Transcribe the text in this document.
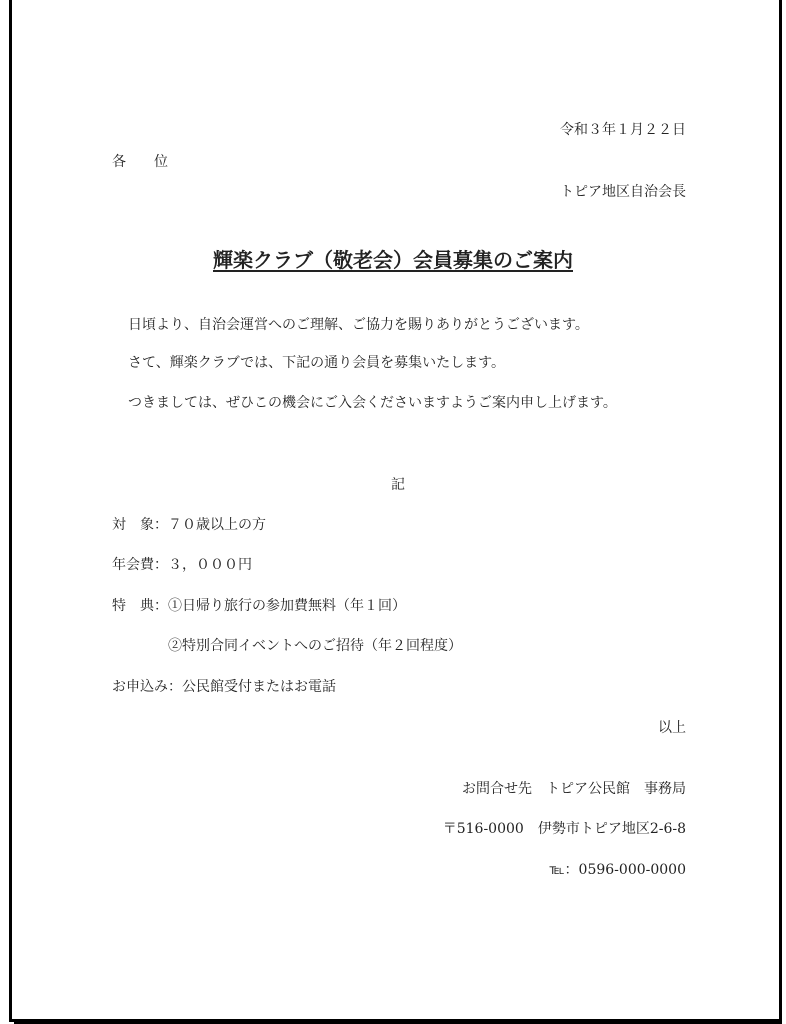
令和３年１月２２日
各　　位
トピア地区自治会長
輝楽クラブ（敬老会）会員募集のご案内
日頃より、自治会運営へのご理解、ご協力を賜りありがとうございます。
さて、輝楽クラブでは、下記の通り会員を募集いたします。
つきましては、ぜひこの機会にご入会くださいますようご案内申し上げます。
記
対　象：７０歳以上の方
年会費：３，０００円
特　典：①日帰り旅行の参加費無料（年１回）
　　　　②特別合同イベントへのご招待（年２回程度）
お申込み：公民館受付またはお電話
以上
お問合せ先　トピア公民館　事務局
〒516-0000　伊勢市トピア地区2-6-8
℡：0596-000-0000
